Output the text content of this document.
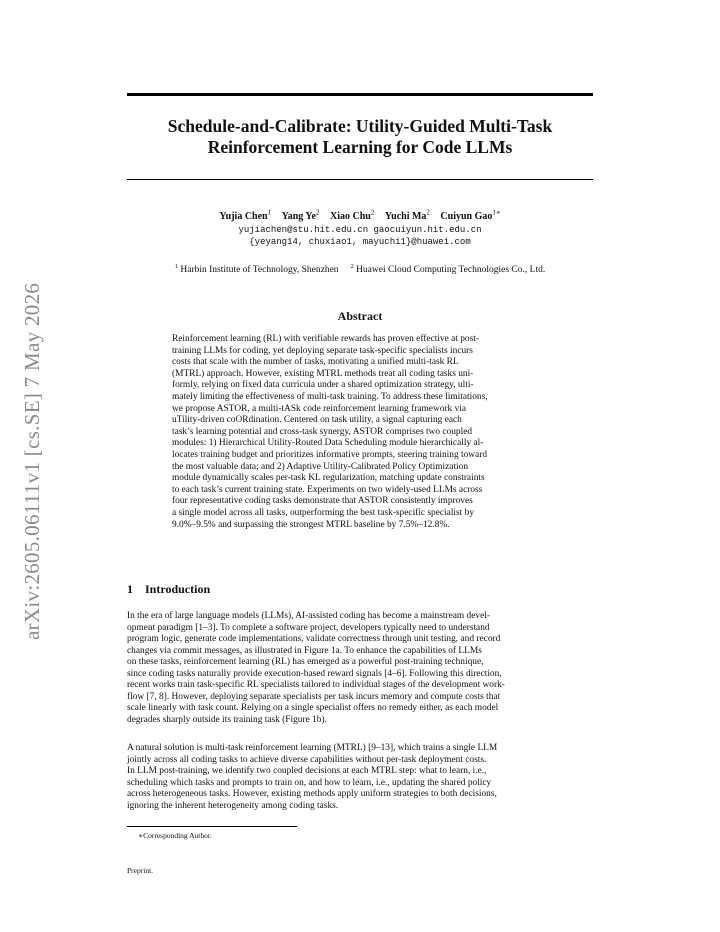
arXiv:2605.06111v1 [cs.SE] 7 May 2026
Schedule-and-Calibrate: Utility-Guided Multi-Task
Reinforcement Learning for Code LLMs
Yujia Chen$^1$ Yang Ye$^2$ Xiao Chu$^2$ Yuchi Ma$^2$ Cuiyun Gao$^{1∗}$
yujiachen@stu.hit.edu.cn gaocuiyun.hit.edu.cn
{yeyang14, chuxiao1, mayuchi1}@huawei.com
$^1$ Harbin Institute of Technology, Shenzhen $^2$ Huawei Cloud Computing Technologies Co., Ltd.
Abstract
Reinforcement learning (RL) with verifiable rewards has proven effective at post-
training LLMs for coding, yet deploying separate task-specific specialists incurs
costs that scale with the number of tasks, motivating a unified multi-task RL
(MTRL) approach. However, existing MTRL methods treat all coding tasks uni-
formly, relying on fixed data curricula under a shared optimization strategy, ulti-
mately limiting the effectiveness of multi-task training. To address these limitations,
we propose ASTOR, a multi-tASk code reinforcement learning framework via
uTility-driven coORdination. Centered on task utility, a signal capturing each
task’s learning potential and cross-task synergy, ASTOR comprises two coupled
modules: 1) Hierarchical Utility-Routed Data Scheduling module hierarchically al-
locates training budget and prioritizes informative prompts, steering training toward
the most valuable data; and 2) Adaptive Utility-Calibrated Policy Optimization
module dynamically scales per-task KL regularization, matching update constraints
to each task’s current training state. Experiments on two widely-used LLMs across
four representative coding tasks demonstrate that ASTOR consistently improves
a single model across all tasks, outperforming the best task-specific specialist by
9.0%–9.5% and surpassing the strongest MTRL baseline by 7.5%–12.8%.
1 Introduction
In the era of large language models (LLMs), AI-assisted coding has become a mainstream devel-
opment paradigm [1–3]. To complete a software project, developers typically need to understand
program logic, generate code implementations, validate correctness through unit testing, and record
changes via commit messages, as illustrated in Figure 1a. To enhance the capabilities of LLMs
on these tasks, reinforcement learning (RL) has emerged as a powerful post-training technique,
since coding tasks naturally provide execution-based reward signals [4–6]. Following this direction,
recent works train task-specific RL specialists tailored to individual stages of the development work-
flow [7, 8]. However, deploying separate specialists per task incurs memory and compute costs that
scale linearly with task count. Relying on a single specialist offers no remedy either, as each model
degrades sharply outside its training task (Figure 1b).
A natural solution is multi-task reinforcement learning (MTRL) [9–13], which trains a single LLM
jointly across all coding tasks to achieve diverse capabilities without per-task deployment costs.
In LLM post-training, we identify two coupled decisions at each MTRL step: what to learn, i.e.,
scheduling which tasks and prompts to train on, and how to learn, i.e., updating the shared policy
across heterogeneous tasks. However, existing methods apply uniform strategies to both decisions,
ignoring the inherent heterogeneity among coding tasks.
∗Corresponding Author.
Preprint.
